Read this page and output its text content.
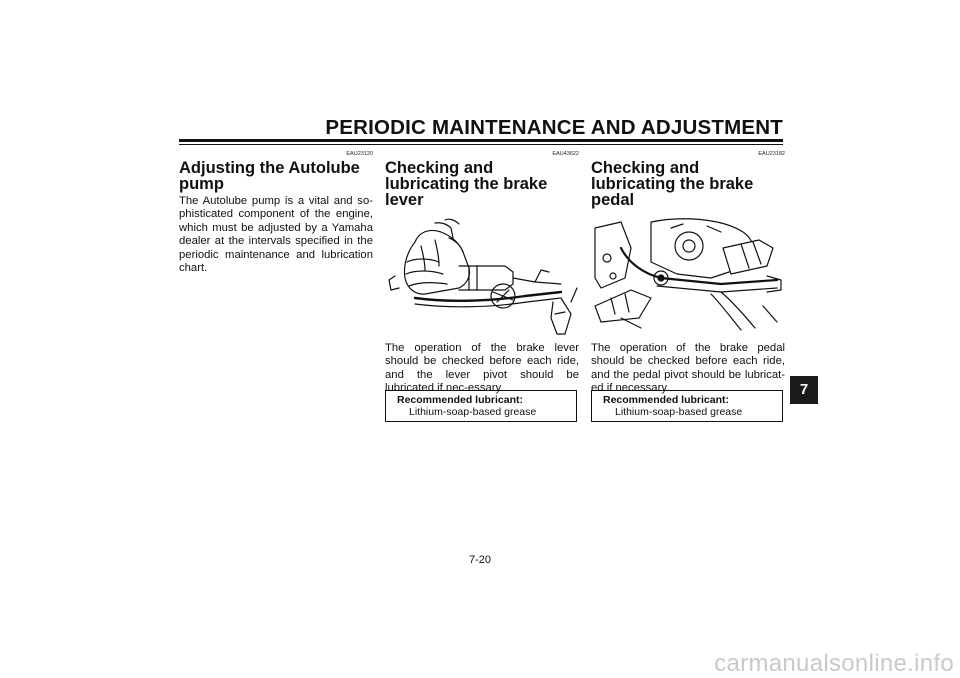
PERIODIC MAINTENANCE AND ADJUSTMENT
EAU23120
Adjusting the Autolube pump
The Autolube pump is a vital and so-phisticated component of the engine, which must be adjusted by a Yamaha dealer at the intervals specified in the periodic maintenance and lubrication chart.
EAU43622
Checking and lubricating the brake lever
The operation of the brake lever should be checked before each ride, and the lever pivot should be lubricated if nec-essary.
Recommended lubricant:
Lithium-soap-based grease
EAU23182
Checking and lubricating the brake pedal
The operation of the brake pedal should be checked before each ride, and the pedal pivot should be lubricat-ed if necessary.
Recommended lubricant:
Lithium-soap-based grease
7
7-20
carmanualsonline.info
